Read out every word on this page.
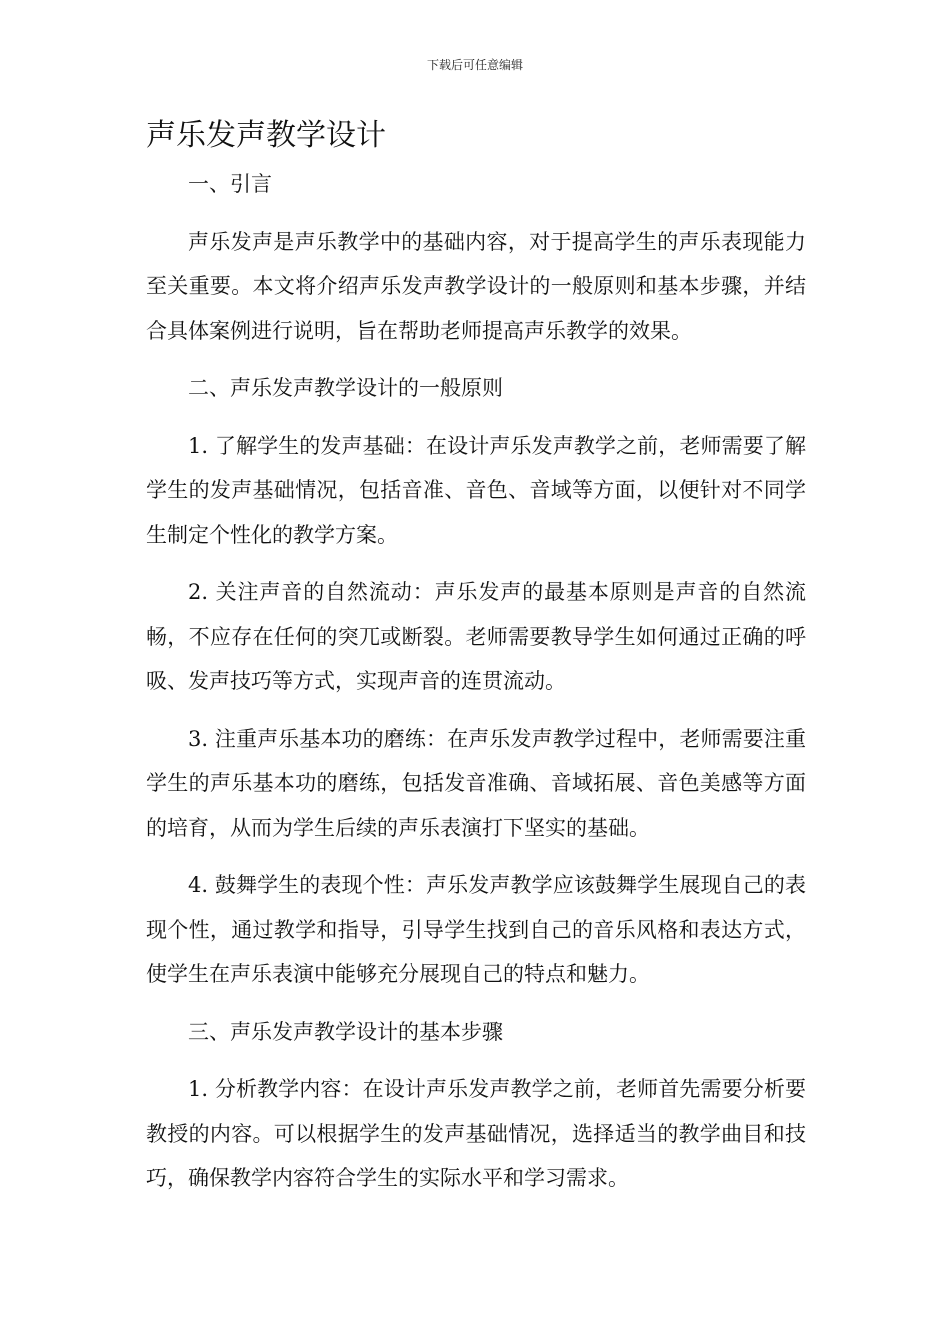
下载后可任意编辑
声乐发声教学设计

一、引言

声乐发声是声乐教学中的基础内容，对于提高学生的声乐表现能力至关重要。本文将介绍声乐发声教学设计的一般原则和基本步骤，并结合具体案例进行说明，旨在帮助老师提高声乐教学的效果。

二、声乐发声教学设计的一般原则

1. 了解学生的发声基础：在设计声乐发声教学之前，老师需要了解学生的发声基础情况，包括音准、音色、音域等方面，以便针对不同学生制定个性化的教学方案。

2. 关注声音的自然流动：声乐发声的最基本原则是声音的自然流畅，不应存在任何的突兀或断裂。老师需要教导学生如何通过正确的呼吸、发声技巧等方式，实现声音的连贯流动。

3. 注重声乐基本功的磨练：在声乐发声教学过程中，老师需要注重学生的声乐基本功的磨练，包括发音准确、音域拓展、音色美感等方面的培育，从而为学生后续的声乐表演打下坚实的基础。

4. 鼓舞学生的表现个性：声乐发声教学应该鼓舞学生展现自己的表现个性，通过教学和指导，引导学生找到自己的音乐风格和表达方式，使学生在声乐表演中能够充分展现自己的特点和魅力。

三、声乐发声教学设计的基本步骤

1. 分析教学内容：在设计声乐发声教学之前，老师首先需要分析要教授的内容。可以根据学生的发声基础情况，选择适当的教学曲目和技巧，确保教学内容符合学生的实际水平和学习需求。
